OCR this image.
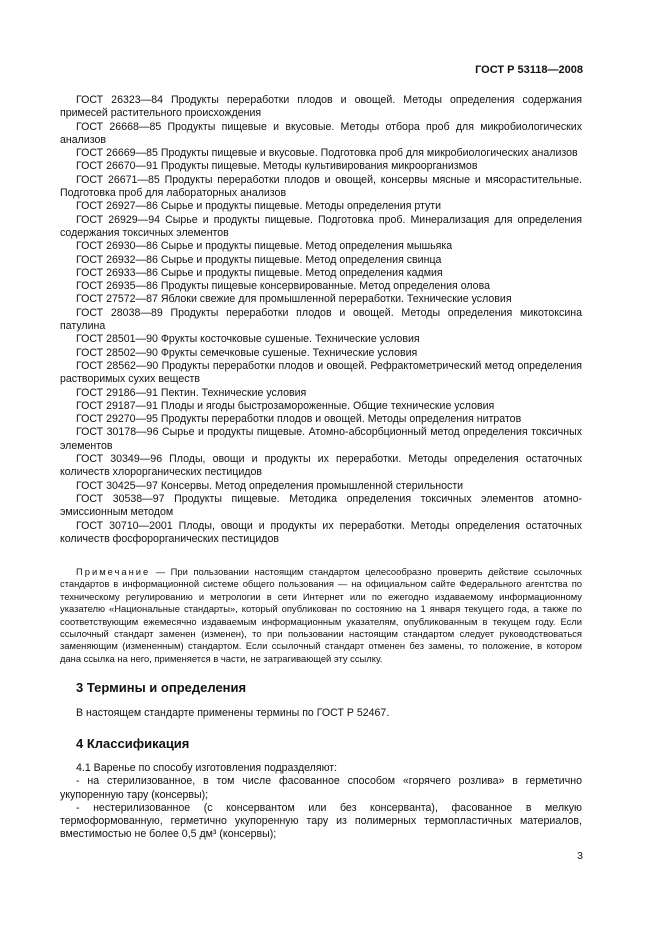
ГОСТ Р 53118—2008
ГОСТ 26323—84 Продукты переработки плодов и овощей. Методы определения содержания примесей растительного происхождения
ГОСТ 26668—85 Продукты пищевые и вкусовые. Методы отбора проб для микробиологических анализов
ГОСТ 26669—85 Продукты пищевые и вкусовые. Подготовка проб для микробиологических анализов
ГОСТ 26670—91 Продукты пищевые. Методы культивирования микроорганизмов
ГОСТ 26671—85 Продукты переработки плодов и овощей, консервы мясные и мясорастительные. Подготовка проб для лабораторных анализов
ГОСТ 26927—86 Сырье и продукты пищевые. Методы определения ртути
ГОСТ 26929—94 Сырье и продукты пищевые. Подготовка проб. Минерализация для определения содержания токсичных элементов
ГОСТ 26930—86 Сырье и продукты пищевые. Метод определения мышьяка
ГОСТ 26932—86 Сырье и продукты пищевые. Метод определения свинца
ГОСТ 26933—86 Сырье и продукты пищевые. Метод определения кадмия
ГОСТ 26935—86 Продукты пищевые консервированные. Метод определения олова
ГОСТ 27572—87 Яблоки свежие для промышленной переработки. Технические условия
ГОСТ 28038—89 Продукты переработки плодов и овощей. Методы определения микотоксина патулина
ГОСТ 28501—90 Фрукты косточковые сушеные. Технические условия
ГОСТ 28502—90 Фрукты семечковые сушеные. Технические условия
ГОСТ 28562—90 Продукты переработки плодов и овощей. Рефрактометрический метод определения растворимых сухих веществ
ГОСТ 29186—91 Пектин. Технические условия
ГОСТ 29187—91 Плоды и ягоды быстрозамороженные. Общие технические условия
ГОСТ 29270—95 Продукты переработки плодов и овощей. Методы определения нитратов
ГОСТ 30178—96 Сырье и продукты пищевые. Атомно-абсорбционный метод определения токсичных элементов
ГОСТ 30349—96 Плоды, овощи и продукты их переработки. Методы определения остаточных количеств хлорорганических пестицидов
ГОСТ 30425—97 Консервы. Метод определения промышленной стерильности
ГОСТ 30538—97 Продукты пищевые. Методика определения токсичных элементов атомно-эмиссионным методом
ГОСТ 30710—2001 Плоды, овощи и продукты их переработки. Методы определения остаточных количеств фосфорорганических пестицидов
Примечание — При пользовании настоящим стандартом целесообразно проверить действие ссылочных стандартов в информационной системе общего пользования — на официальном сайте Федерального агентства по техническому регулированию и метрологии в сети Интернет или по ежегодно издаваемому информационному указателю «Национальные стандарты», который опубликован по состоянию на 1 января текущего года, а также по соответствующим ежемесячно издаваемым информационным указателям, опубликованным в текущем году. Если ссылочный стандарт заменен (изменен), то при пользовании настоящим стандартом следует руководствоваться заменяющим (измененным) стандартом. Если ссылочный стандарт отменен без замены, то положение, в котором дана ссылка на него, применяется в части, не затрагивающей эту ссылку.
3 Термины и определения
В настоящем стандарте применены термины по ГОСТ Р 52467.
4 Классификация
4.1 Варенье по способу изготовления подразделяют:
- на стерилизованное, в том числе фасованное способом «горячего розлива» в герметично укупоренную тару (консервы);
- нестерилизованное (с консервантом или без консерванта), фасованное в мелкую термоформованную, герметично укупоренную тару из полимерных термопластичных материалов, вместимостью не более 0,5 дм³ (консервы);
3
